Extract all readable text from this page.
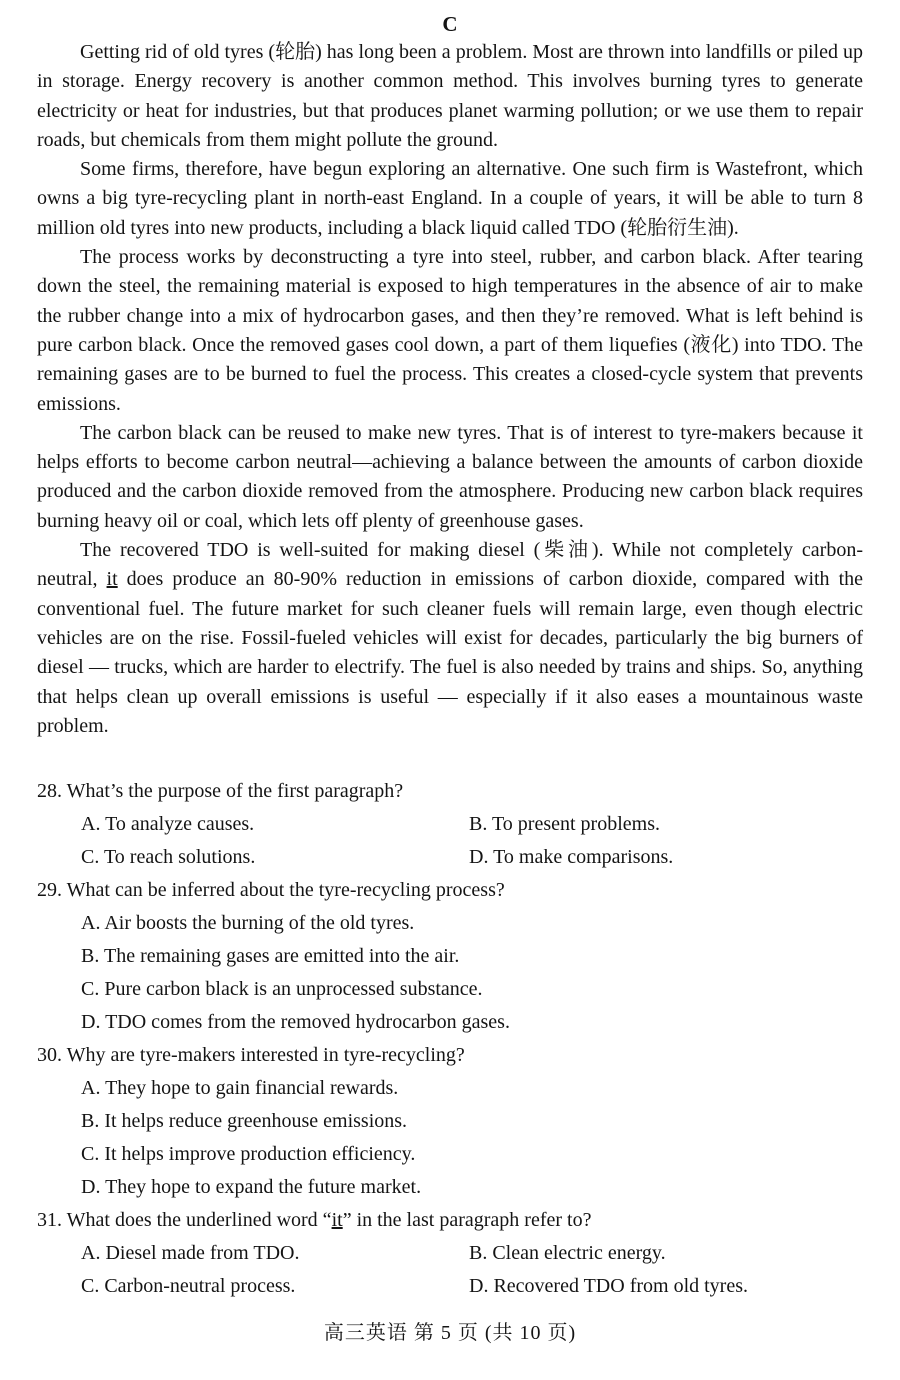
C

Getting rid of old tyres (轮胎) has long been a problem. Most are thrown into landfills or piled up in storage. Energy recovery is another common method. This involves burning tyres to generate electricity or heat for industries, but that produces planet warming pollution; or we use them to repair roads, but chemicals from them might pollute the ground.

Some firms, therefore, have begun exploring an alternative. One such firm is Wastefront, which owns a big tyre-recycling plant in north-east England. In a couple of years, it will be able to turn 8 million old tyres into new products, including a black liquid called TDO (轮胎衍生油).

The process works by deconstructing a tyre into steel, rubber, and carbon black. After tearing down the steel, the remaining material is exposed to high temperatures in the absence of air to make the rubber change into a mix of hydrocarbon gases, and then they’re removed. What is left behind is pure carbon black. Once the removed gases cool down, a part of them liquefies (液化) into TDO. The remaining gases are to be burned to fuel the process. This creates a closed-cycle system that prevents emissions.

The carbon black can be reused to make new tyres. That is of interest to tyre-makers because it helps efforts to become carbon neutral—achieving a balance between the amounts of carbon dioxide produced and the carbon dioxide removed from the atmosphere. Producing new carbon black requires burning heavy oil or coal, which lets off plenty of greenhouse gases.

The recovered TDO is well-suited for making diesel (柴油). While not completely carbon-neutral, it does produce an 80-90% reduction in emissions of carbon dioxide, compared with the conventional fuel. The future market for such cleaner fuels will remain large, even though electric vehicles are on the rise. Fossil-fueled vehicles will exist for decades, particularly the big burners of diesel — trucks, which are harder to electrify. The fuel is also needed by trains and ships. So, anything that helps clean up overall emissions is useful — especially if it also eases a mountainous waste problem.

28. What’s the purpose of the first paragraph?
A. To analyze causes.	B. To present problems.
C. To reach solutions.	D. To make comparisons.
29. What can be inferred about the tyre-recycling process?
A. Air boosts the burning of the old tyres.
B. The remaining gases are emitted into the air.
C. Pure carbon black is an unprocessed substance.
D. TDO comes from the removed hydrocarbon gases.
30. Why are tyre-makers interested in tyre-recycling?
A. They hope to gain financial rewards.
B. It helps reduce greenhouse emissions.
C. It helps improve production efficiency.
D. They hope to expand the future market.
31. What does the underlined word “it” in the last paragraph refer to?
A. Diesel made from TDO.	B. Clean electric energy.
C. Carbon-neutral process.	D. Recovered TDO from old tyres.
高三英语 第 5 页 (共 10 页)
